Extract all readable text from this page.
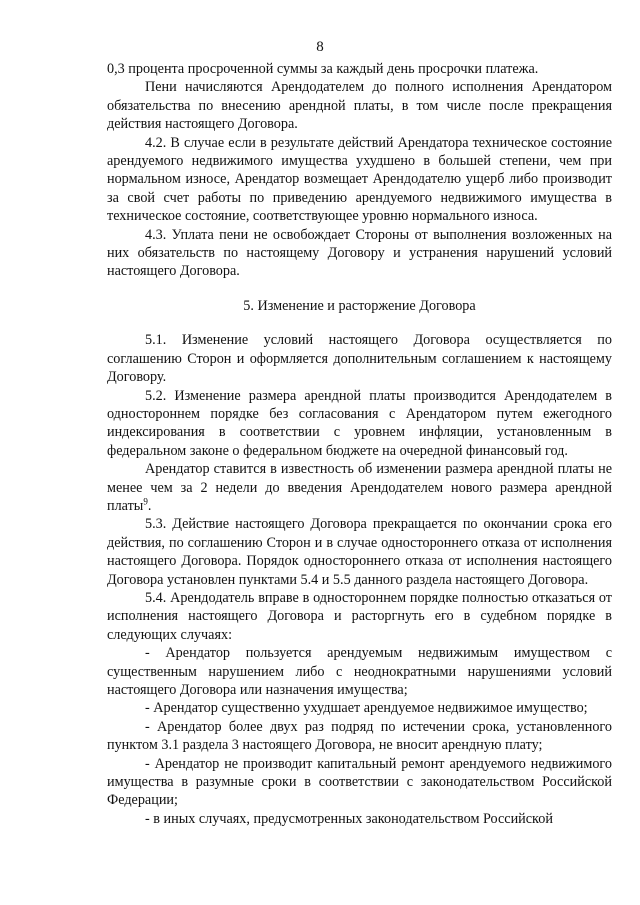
8

0,3 процента просроченной суммы за каждый день просрочки платежа.

Пени начисляются Арендодателем до полного исполнения Арендатором обязательства по внесению арендной платы, в том числе после прекращения действия настоящего Договора.

4.2. В случае если в результате действий Арендатора техническое состояние арендуемого недвижимого имущества ухудшено в большей степени, чем при нормальном износе, Арендатор возмещает Арендодателю ущерб либо производит за свой счет работы по приведению арендуемого недвижимого имущества в техническое состояние, соответствующее уровню нормального износа.

4.3. Уплата пени не освобождает Стороны от выполнения возложенных на них обязательств по настоящему Договору и устранения нарушений условий настоящего Договора.

5. Изменение и расторжение Договора

5.1. Изменение условий настоящего Договора осуществляется по соглашению Сторон и оформляется дополнительным соглашением к настоящему Договору.

5.2. Изменение размера арендной платы производится Арендодателем в одностороннем порядке без согласования с Арендатором путем ежегодного индексирования в соответствии с уровнем инфляции, установленным в федеральном законе о федеральном бюджете на очередной финансовый год.

Арендатор ставится в известность об изменении размера арендной платы не менее чем за 2 недели до введения Арендодателем нового размера арендной платы$^9$.

5.3. Действие настоящего Договора прекращается по окончании срока его действия, по соглашению Сторон и в случае одностороннего отказа от исполнения настоящего Договора. Порядок одностороннего отказа от исполнения настоящего Договора установлен пунктами 5.4 и 5.5 данного раздела настоящего Договора.

5.4. Арендодатель вправе в одностороннем порядке полностью отказаться от исполнения настоящего Договора и расторгнуть его в судебном порядке в следующих случаях:

- Арендатор пользуется арендуемым недвижимым имуществом с существенным нарушением либо с неоднократными нарушениями условий настоящего Договора или назначения имущества;

- Арендатор существенно ухудшает арендуемое недвижимое имущество;

- Арендатор более двух раз подряд по истечении срока, установленного пунктом 3.1 раздела 3 настоящего Договора, не вносит арендную плату;

- Арендатор не производит капитальный ремонт арендуемого недвижимого имущества в разумные сроки в соответствии с законодательством Российской Федерации;

- в иных случаях, предусмотренных законодательством Российской
